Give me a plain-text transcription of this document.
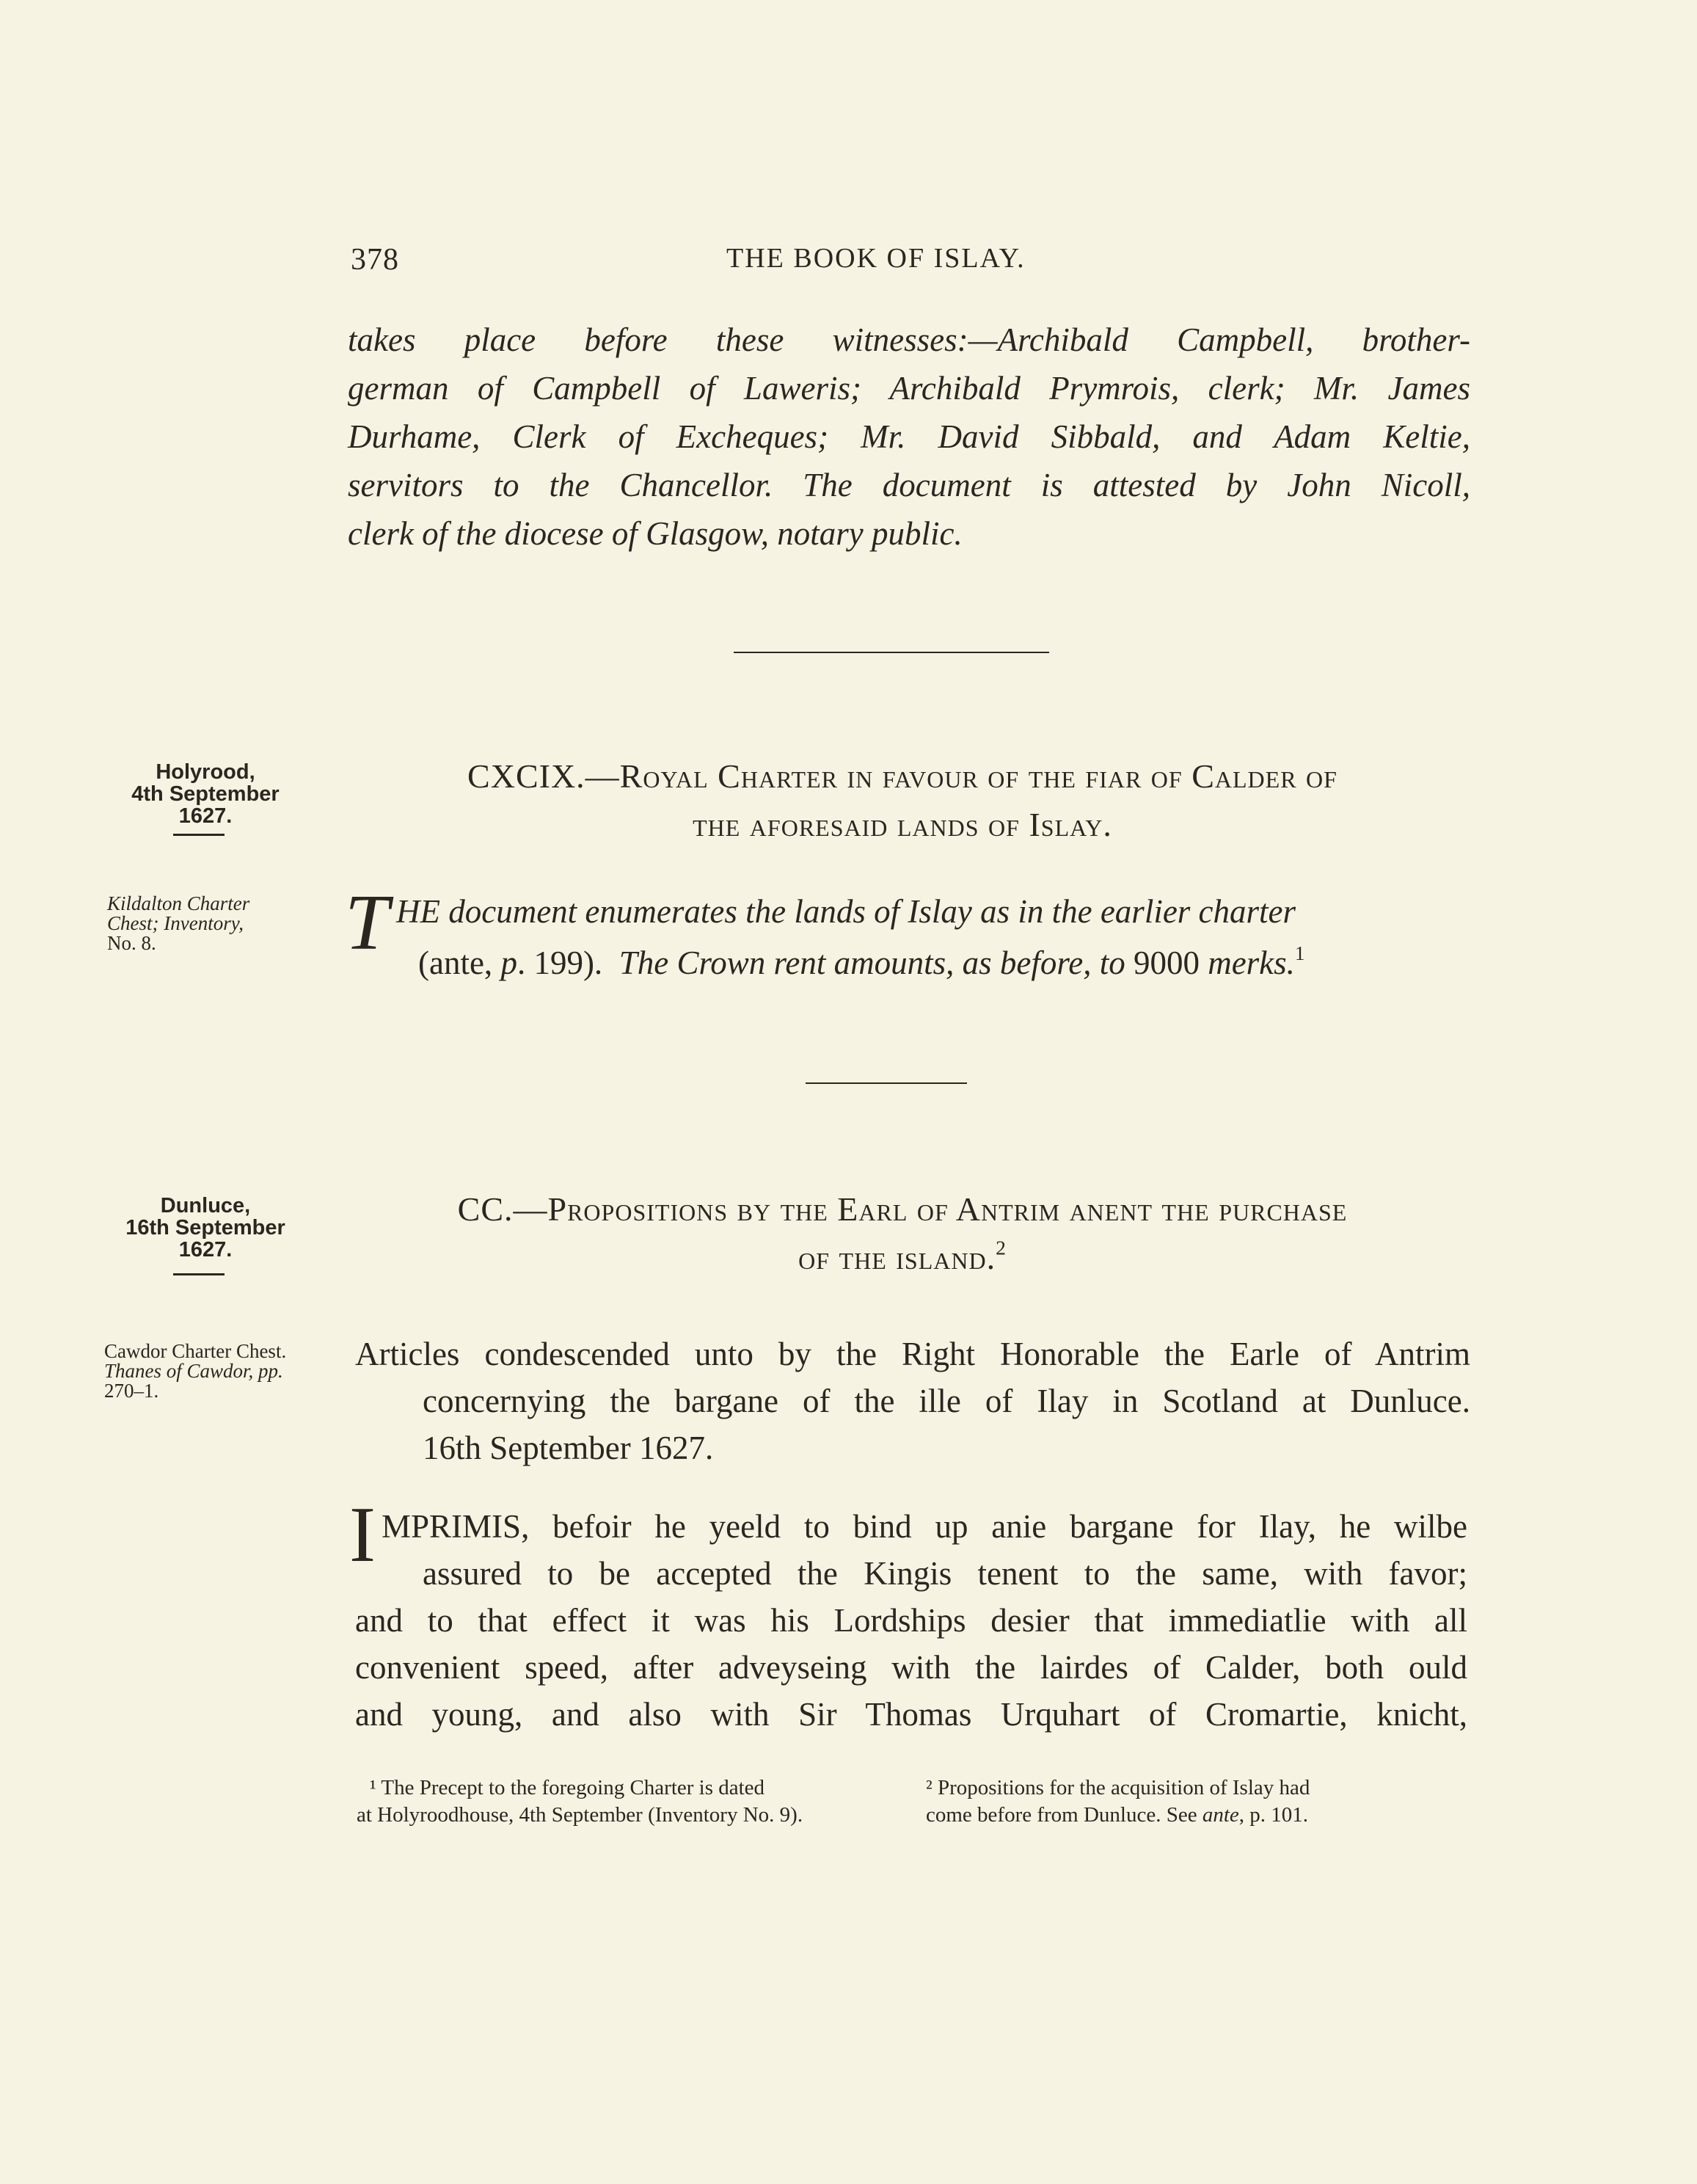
378	THE BOOK OF ISLAY.
takes place before these witnesses:—Archibald Campbell, brother-
german of Campbell of Laweris; Archibald Prymrois, clerk; Mr. James
Durhame, Clerk of Excheques; Mr. David Sibbald, and Adam Keltie,
servitors to the Chancellor. The document is attested by John Nicoll,
clerk of the diocese of Glasgow, notary public.
Holyrood,
4th September
1627.
Kildalton Charter
Chest; Inventory,
No. 8.
CXCIX.—Royal Charter in favour of the fiar of Calder of
the aforesaid lands of Islay.
T HE document enumerates the lands of Islay as in the earlier charter
(ante, p. 199). The Crown rent amounts, as before, to 9000 merks.$^1$
Dunluce,
16th September
1627.
Cawdor Charter Chest.
Thanes of Cawdor, pp.
270–1.
CC.—Propositions by the Earl of Antrim anent the purchase
of the island.$^2$
Articles condescended unto by the Right Honorable the Earle of Antrim
concernying the bargane of the ille of Ilay in Scotland at Dunluce.
16th September 1627.
I MPRIMIS, befoir he yeeld to bind up anie bargane for Ilay, he wilbe
assured to be accepted the Kingis tenent to the same, with favor;
and to that effect it was his Lordships desier that immediatlie with all
convenient speed, after adveyseing with the lairdes of Calder, both ould
and young, and also with Sir Thomas Urquhart of Cromartie, knicht,
¹ The Precept to the foregoing Charter is dated
at Holyroodhouse, 4th September (Inventory No. 9).
² Propositions for the acquisition of Islay had
come before from Dunluce. See ante, p. 101.
